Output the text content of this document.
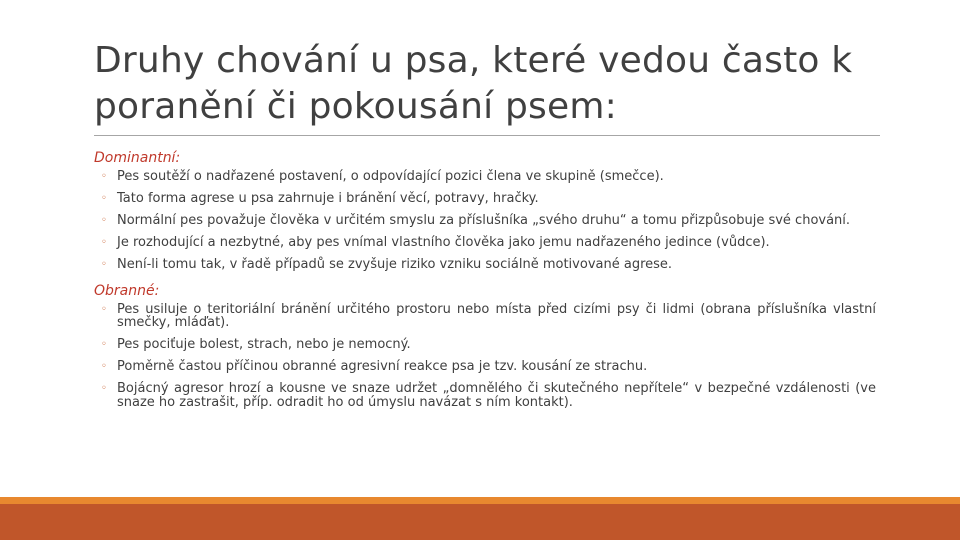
Druhy chování u psa, které vedou často k poranění či pokousání psem:

Dominantní:

◦ Pes soutěží o nadřazené postavení, o odpovídající pozici člena ve skupině (smečce).
◦ Tato forma agrese u psa zahrnuje i bránění věcí, potravy, hračky.
◦ Normální pes považuje člověka v určitém smyslu za příslušníka „svého druhu“ a tomu přizpůsobuje své chování.
◦ Je rozhodující a nezbytné, aby pes vnímal vlastního člověka jako jemu nadřazeného jedince (vůdce).
◦ Není-li tomu tak, v řadě případů se zvyšuje riziko vzniku sociálně motivované agrese.

Obranné:

◦ Pes usiluje o teritoriální bránění určitého prostoru nebo místa před cizími psy či lidmi (obrana příslušníka vlastní smečky, mláďat).
◦ Pes pociťuje bolest, strach, nebo je nemocný.
◦ Poměrně častou příčinou obranné agresivní reakce psa je tzv. kousání ze strachu.
◦ Bojácný agresor hrozí a kousne ve snaze udržet „domnělého či skutečného nepřítele“ v bezpečné vzdálenosti (ve snaze ho zastrašit, příp. odradit ho od úmyslu navázat s ním kontakt).
